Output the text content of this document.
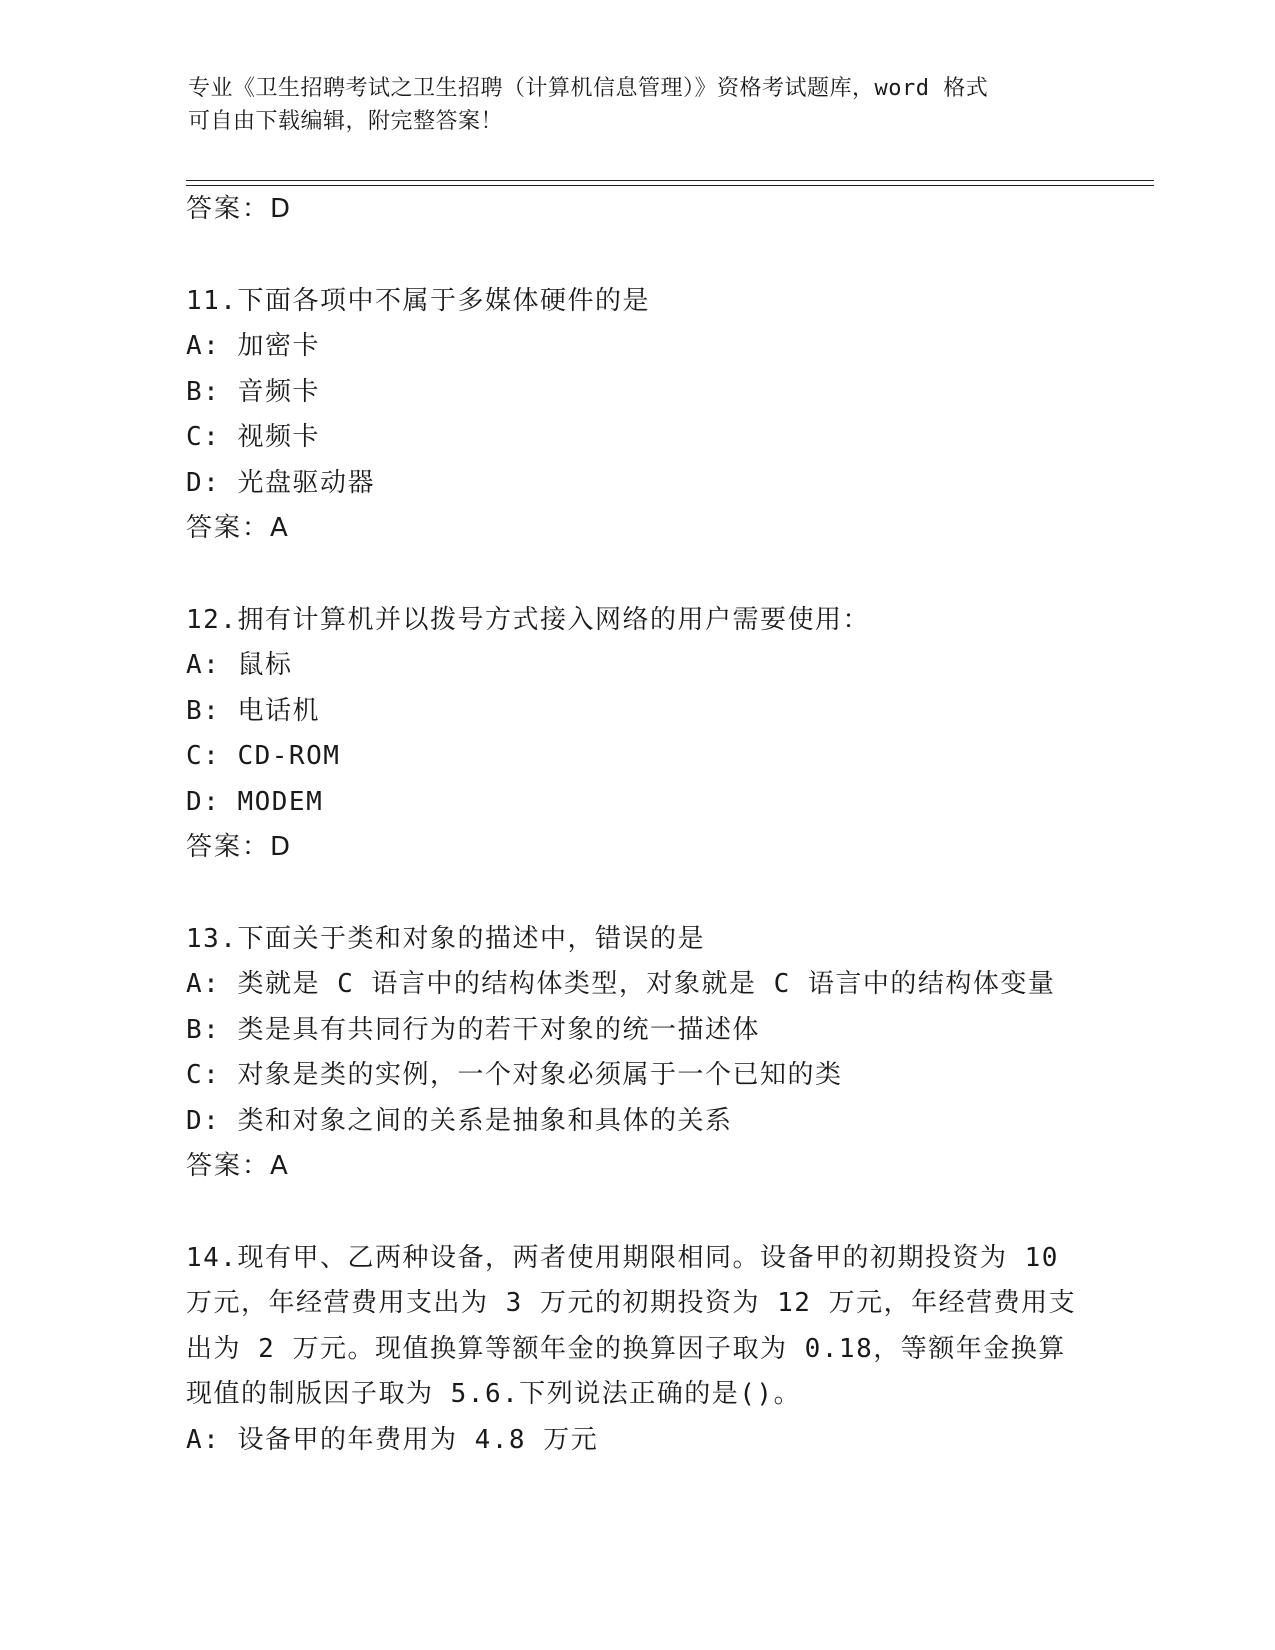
专业《卫生招聘考试之卫生招聘（计算机信息管理）》资格考试题库，word 格式
可自由下载编辑，附完整答案！
答案：D
11.下面各项中不属于多媒体硬件的是
A: 加密卡
B: 音频卡
C: 视频卡
D: 光盘驱动器
答案：A
12.拥有计算机并以拨号方式接入网络的用户需要使用：
A: 鼠标
B: 电话机
C: CD-ROM
D: MODEM
答案：D
13.下面关于类和对象的描述中，错误的是
A: 类就是 C 语言中的结构体类型，对象就是 C 语言中的结构体变量
B: 类是具有共同行为的若干对象的统一描述体
C: 对象是类的实例，一个对象必须属于一个已知的类
D: 类和对象之间的关系是抽象和具体的关系
答案：A
14.现有甲、乙两种设备，两者使用期限相同。设备甲的初期投资为 10
万元，年经营费用支出为 3 万元的初期投资为 12 万元，年经营费用支
出为 2 万元。现值换算等额年金的换算因子取为 0.18，等额年金换算
现值的制版因子取为 5.6.下列说法正确的是()。
A: 设备甲的年费用为 4.8 万元
